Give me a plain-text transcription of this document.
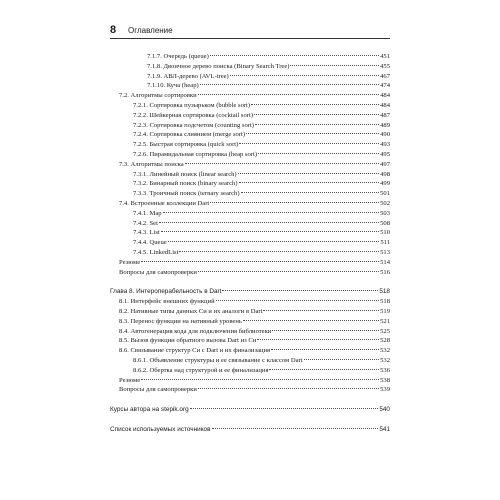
8 Оглавление
7.1.7. Очередь (queue)	451
7.1.8. Двоичное дерево поиска (Binary Search Tree)	455
7.1.9. АВЛ-дерево (AVL-tree)	467
7.1.10. Куча (heap)	474
7.2. Алгоритмы сортировки	484
7.2.1. Сортировка пузырьком (bubble sort)	484
7.2.2. Шейкерная сортировка (cocktail sort)	487
7.2.3. Сортировка подсчетом (counting sort)	489
7.2.4. Сортировка слиянием (merge sort)	490
7.2.5. Быстрая сортировка (quick sort)	493
7.2.6. Пирамидальная сортировка (heap sort)	495
7.3. Алгоритмы поиска	497
7.3.1. Линейный поиск (linear search)	498
7.3.2. Бинарный поиск (binary search)	499
7.3.3. Троичный поиск (ternary search)	501
7.4. Встроенные коллекции Dart	502
7.4.1. Map	503
7.4.2. Set	508
7.4.3. List	510
7.4.4. Queue	511
7.4.5. LinkedList	513
Резюме	514
Вопросы для самопроверки	516
Глава 8. Интероперабельность в Dart	518
8.1. Интерфейс внешних функций	518
8.2. Нативные типы данных Си и их аналоги в Dart	519
8.3. Перенос функции на нативный уровень	521
8.4. Автогенерация кода для подключения библиотеки	525
8.5. Вызов функции обратного вызова Dart из Си	528
8.6. Связывание структур Си с Dart и их финализация	532
8.6.1. Объявление структуры и ее связывание с классом Dart	532
8.6.2. Обертка над структурой и ее финализация	536
Резюме	538
Вопросы для самопроверки	539
Курсы автора на stepik.org	540
Список используемых источников	541
